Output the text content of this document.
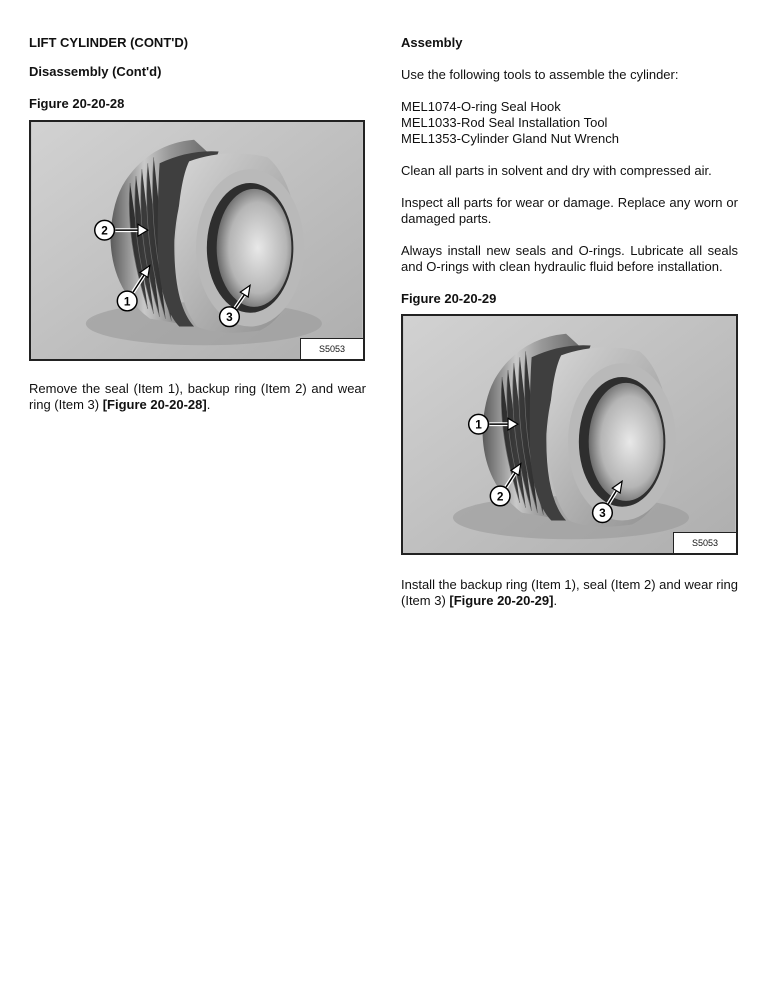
LIFT CYLINDER (CONT'D)

Disassembly (Cont'd)

Figure 20-20-28

2
1
3
S5053

Remove the seal (Item 1), backup ring (Item 2) and wear ring (Item 3) [Figure 20-20-28].

Assembly

Use the following tools to assemble the cylinder:

MEL1074-O-ring Seal Hook

MEL1033-Rod Seal Installation Tool

MEL1353-Cylinder Gland Nut Wrench

Clean all parts in solvent and dry with compressed air.

Inspect all parts for wear or damage. Replace any worn or damaged parts.

Always install new seals and O-rings. Lubricate all seals and O-rings with clean hydraulic fluid before installation.

Figure 20-20-29

1
2
3
S5053

Install the backup ring (Item 1), seal (Item 2) and wear ring (Item 3) [Figure 20-20-29].
